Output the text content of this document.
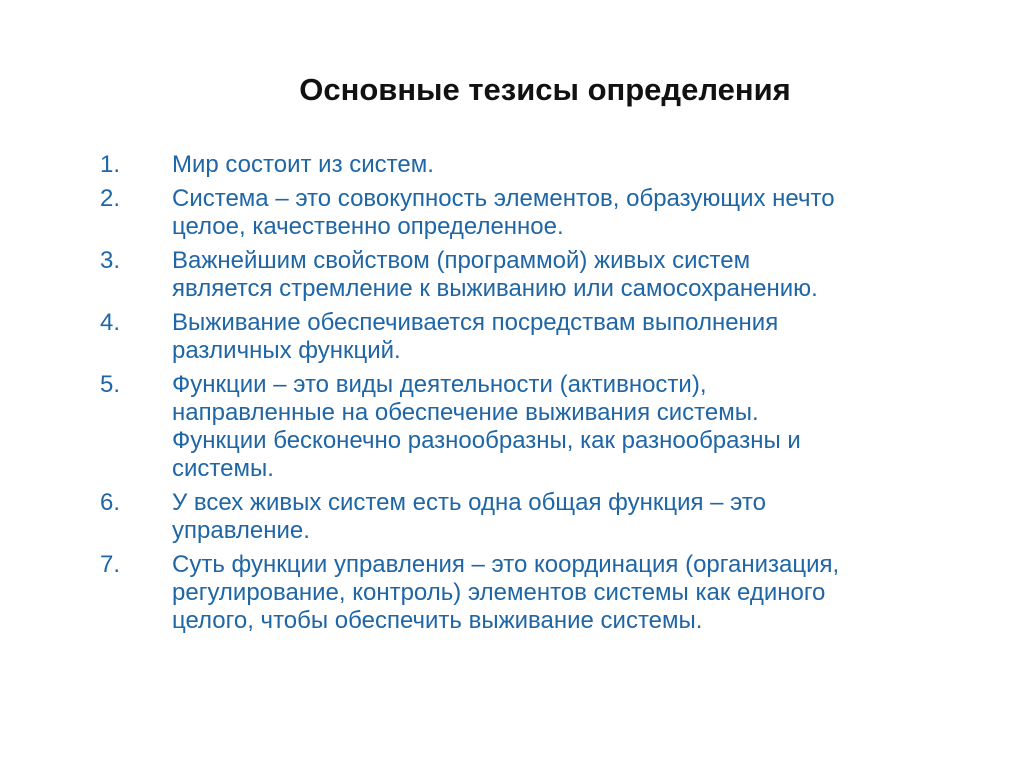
Основные тезисы определения
1.	Мир состоит из систем.
2.	Система – это совокупность элементов, образующих нечто
целое, качественно определенное.
3.	Важнейшим свойством (программой) живых систем
является стремление к выживанию или самосохранению.
4.	Выживание обеспечивается посредствам выполнения
различных функций.
5.	Функции – это виды деятельности (активности),
направленные на обеспечение выживания системы.
Функции бесконечно разнообразны, как разнообразны и
системы.
6.	У всех живых систем есть одна общая функция – это
управление.
7.	Суть функции управления – это координация (организация,
регулирование, контроль) элементов системы как единого
целого, чтобы обеспечить выживание системы.
